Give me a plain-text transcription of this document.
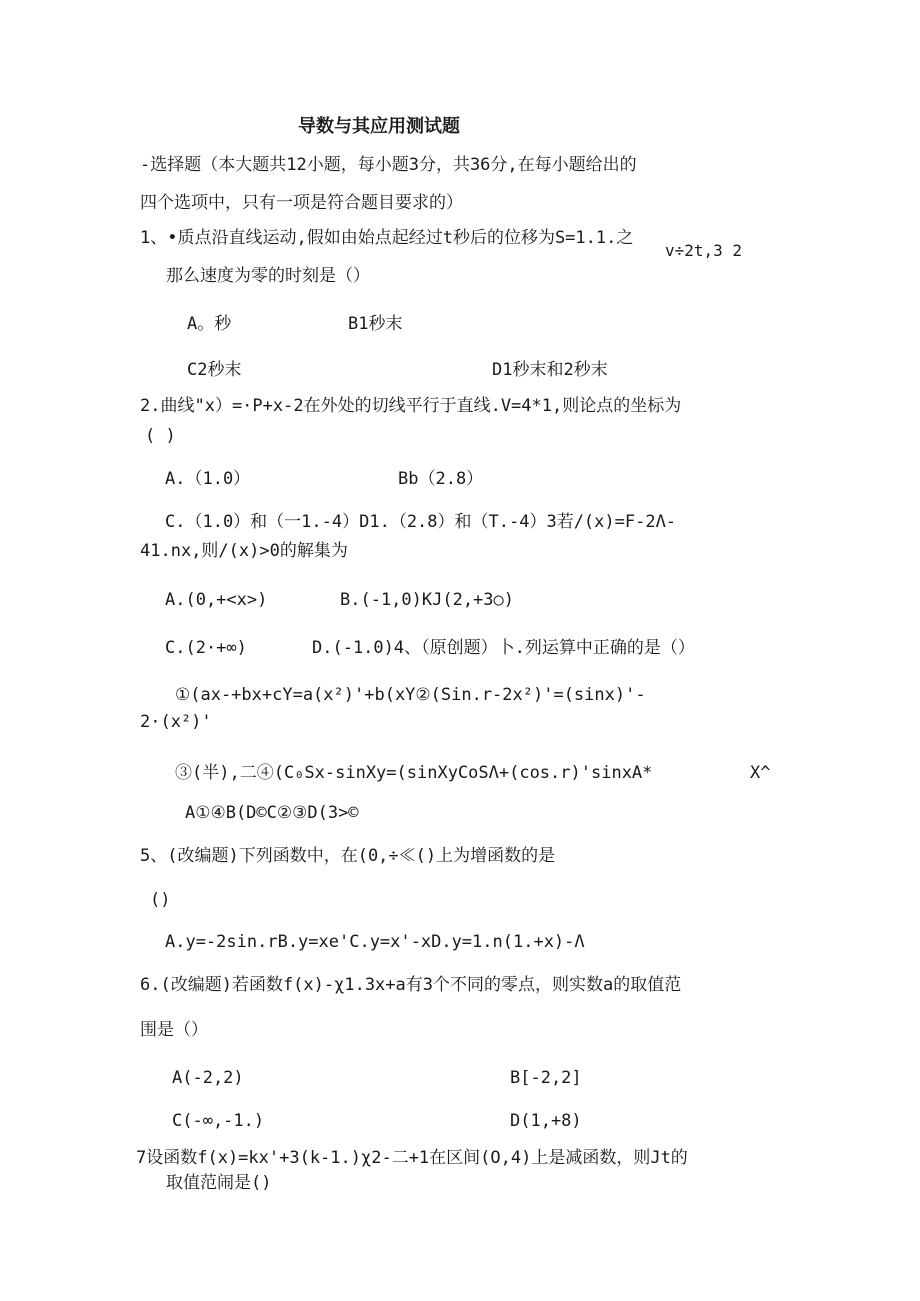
导数与其应用测试题
-选择题（本大题共12小题，每小题3分，共36分,在每小题给出的
四个选项中，只有一项是符合题目要求的）
1、•质点沿直线运动,假如由始点起经过t秒后的位移为S=1.1.之
v÷2t,3 2
那么速度为零的时刻是（）
A。秒	B1秒末
C2秒末	D1秒末和2秒末
2.曲线"x）=·P+x-2在外处的切线平行于直线.V=4*1,则论点的坐标为
( )
A.（1.0）	Bb（2.8）
C.（1.0）和（一1.-4）D1.（2.8）和（T.-4）3若/(x)=F-2Λ-
41.nx,则/(x)>0的解集为
A.(0,+<x>)	B.(-1,0)KJ(2,+3○)
C.(2·+∞)	D.(-1.0)4、（原创题）卜.列运算中正确的是（）
①(ax-+bx+cY=a(x²)'+b(xY②(Sin.r-2x²)'=(sinx)'-
2·(x²)'
③(半),二④(C₀Sx-sinXy=(sinXyCoSΛ+(cos.r)'sinxA*	X^
A①④B(D©C②③D(3>©
5、(改编题)下列函数中，在(0,÷≪()上为增函数的是
()
A.y=-2sin.rB.y=xe'C.y=x'-xD.y=1.n(1.+x)-Λ
6.(改编题)若函数f(x)-χ1.3x+a有3个不同的零点，则实数a的取值范
围是（）
A(-2,2)	B[-2,2]
C(-∞,-1.)	D(1,+8)
7设函数f(x)=kx'+3(k-1.)χ2-二+1在区间(O,4)上是减函数，则Jt的
取值范闹是()
